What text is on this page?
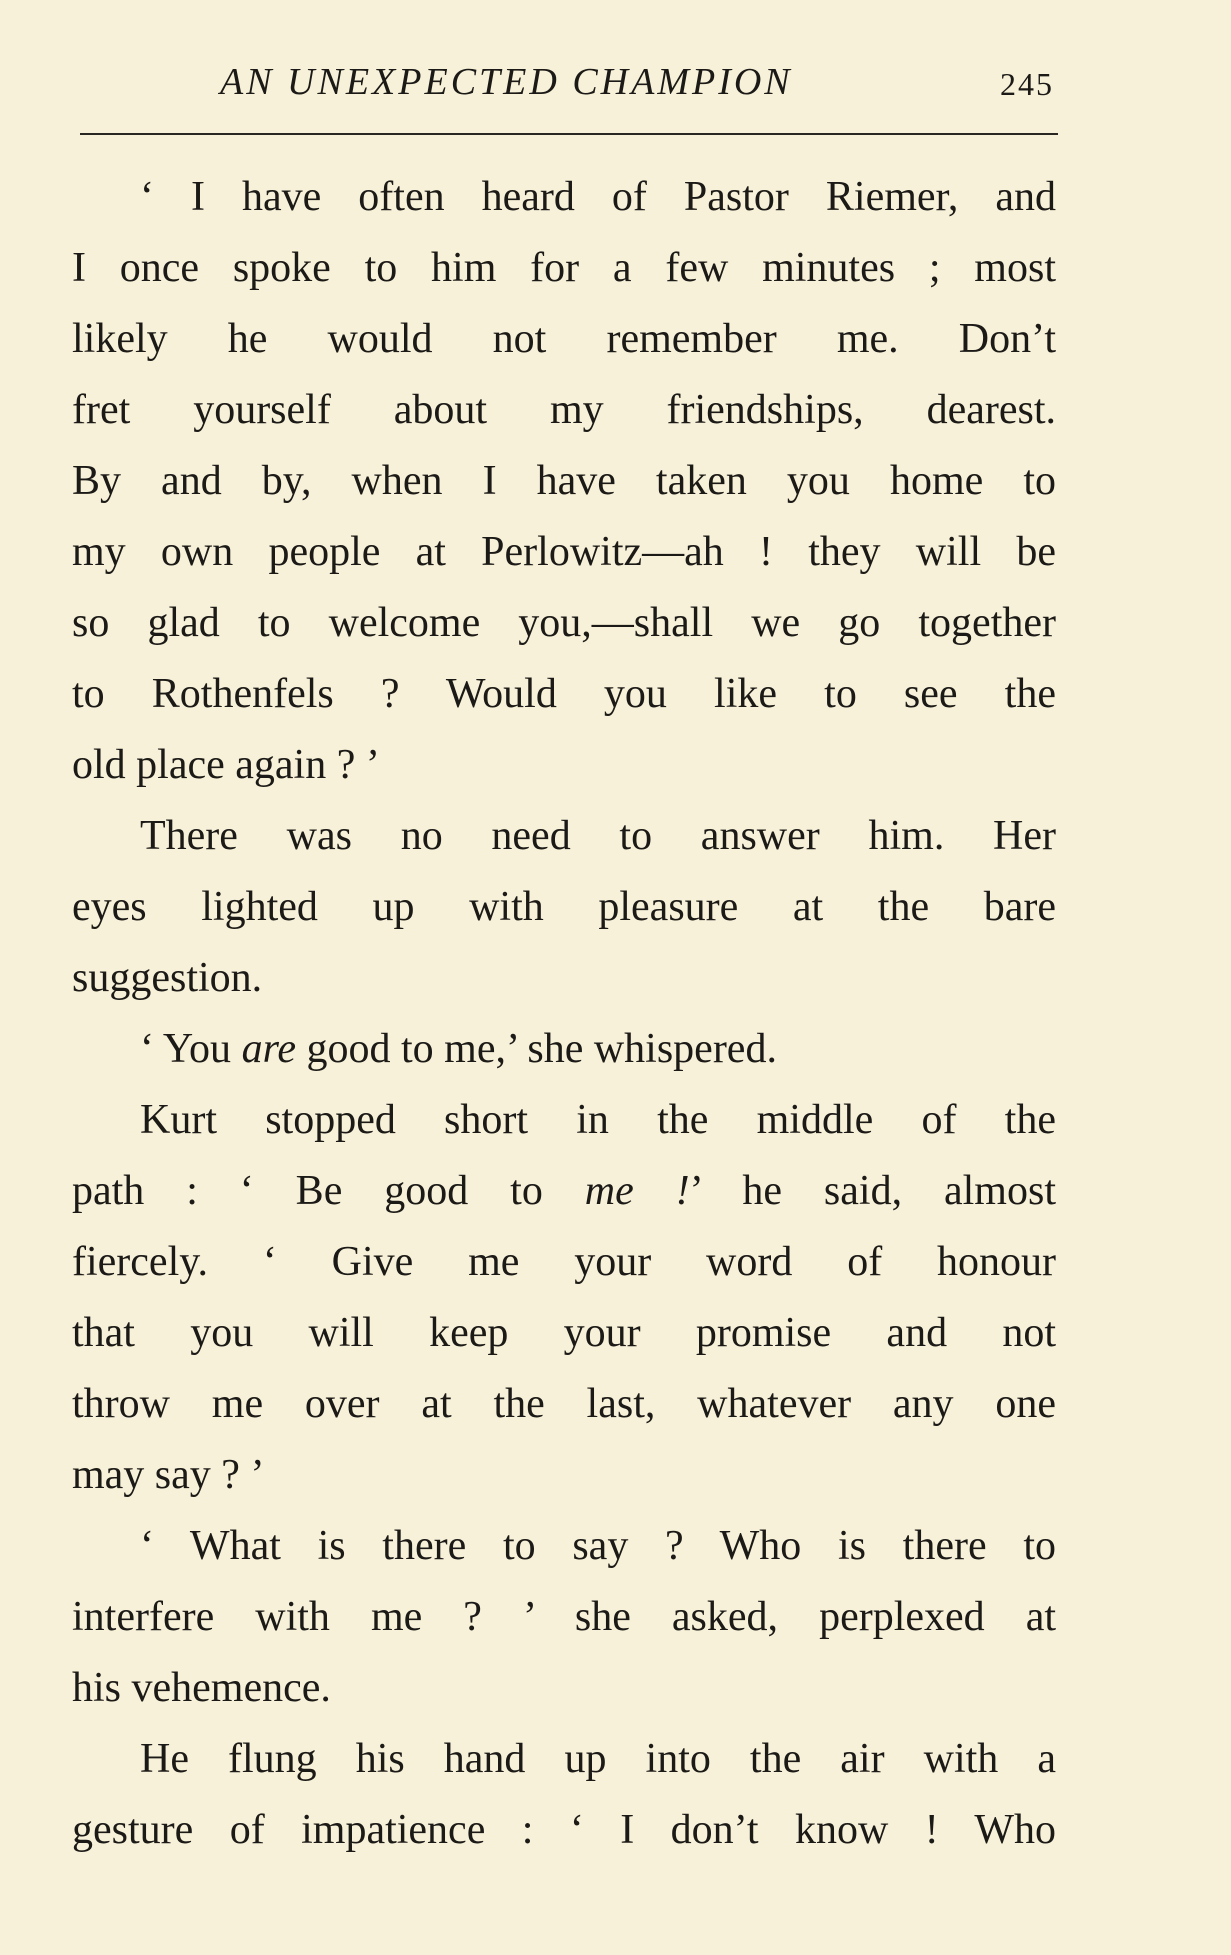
AN UNEXPECTED CHAMPION	245
‘ I have often heard of Pastor Riemer, and
I once spoke to him for a few minutes ; most
likely he would not remember me. Don’t
fret yourself about my friendships, dearest.
By and by, when I have taken you home to
my own people at Perlowitz—ah ! they will be
so glad to welcome you,—shall we go together
to Rothenfels ? Would you like to see the
old place again ? ’
There was no need to answer him. Her
eyes lighted up with pleasure at the bare
suggestion.
‘ You are good to me,’ she whispered.
Kurt stopped short in the middle of the
path : ‘ Be good to me !’ he said, almost
fiercely. ‘ Give me your word of honour
that you will keep your promise and not
throw me over at the last, whatever any one
may say ? ’
‘ What is there to say ? Who is there to
interfere with me ? ’ she asked, perplexed at
his vehemence.
He flung his hand up into the air with a
gesture of impatience : ‘ I don’t know ! Who
